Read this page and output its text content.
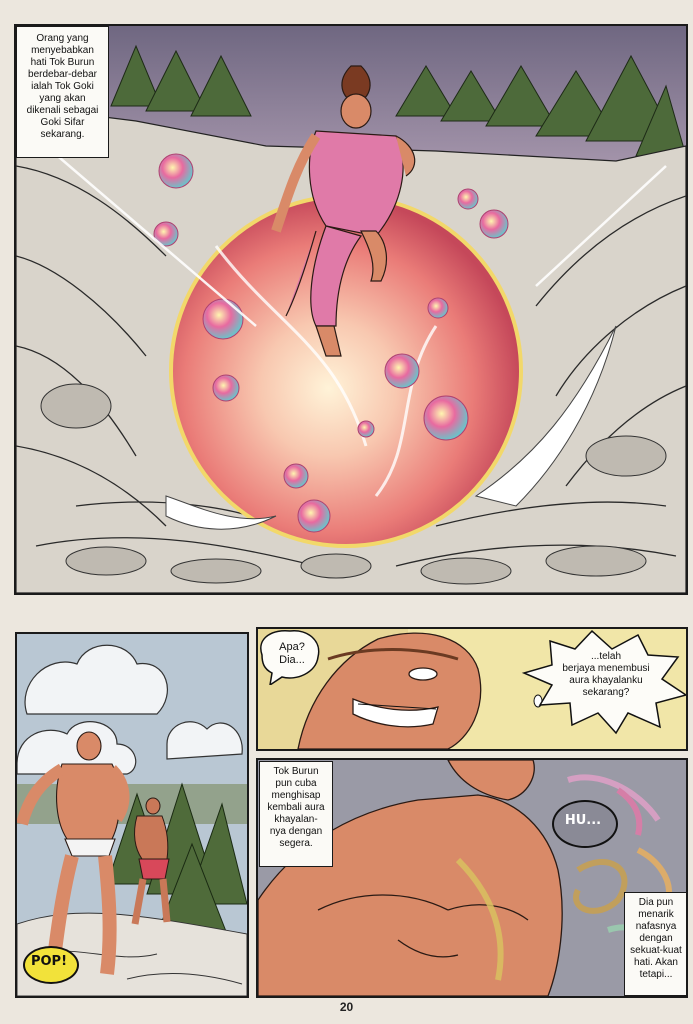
Orang yang
menyebabkan
hati Tok Burun
berdebar-debar
ialah Tok Goki
yang akan
dikenali sebagai
Goki Sifar
sekarang.
POP!
Apa?
Dia...	...telah
berjaya menembusi
aura khayalanku
sekarang?
Tok Burun
pun cuba
menghisap
kembali aura
khayalan-
nya dengan
segera.
HU...
Dia pun
menarik
nafasnya
dengan
sekuat-kuat
hati. Akan
tetapi...
20
